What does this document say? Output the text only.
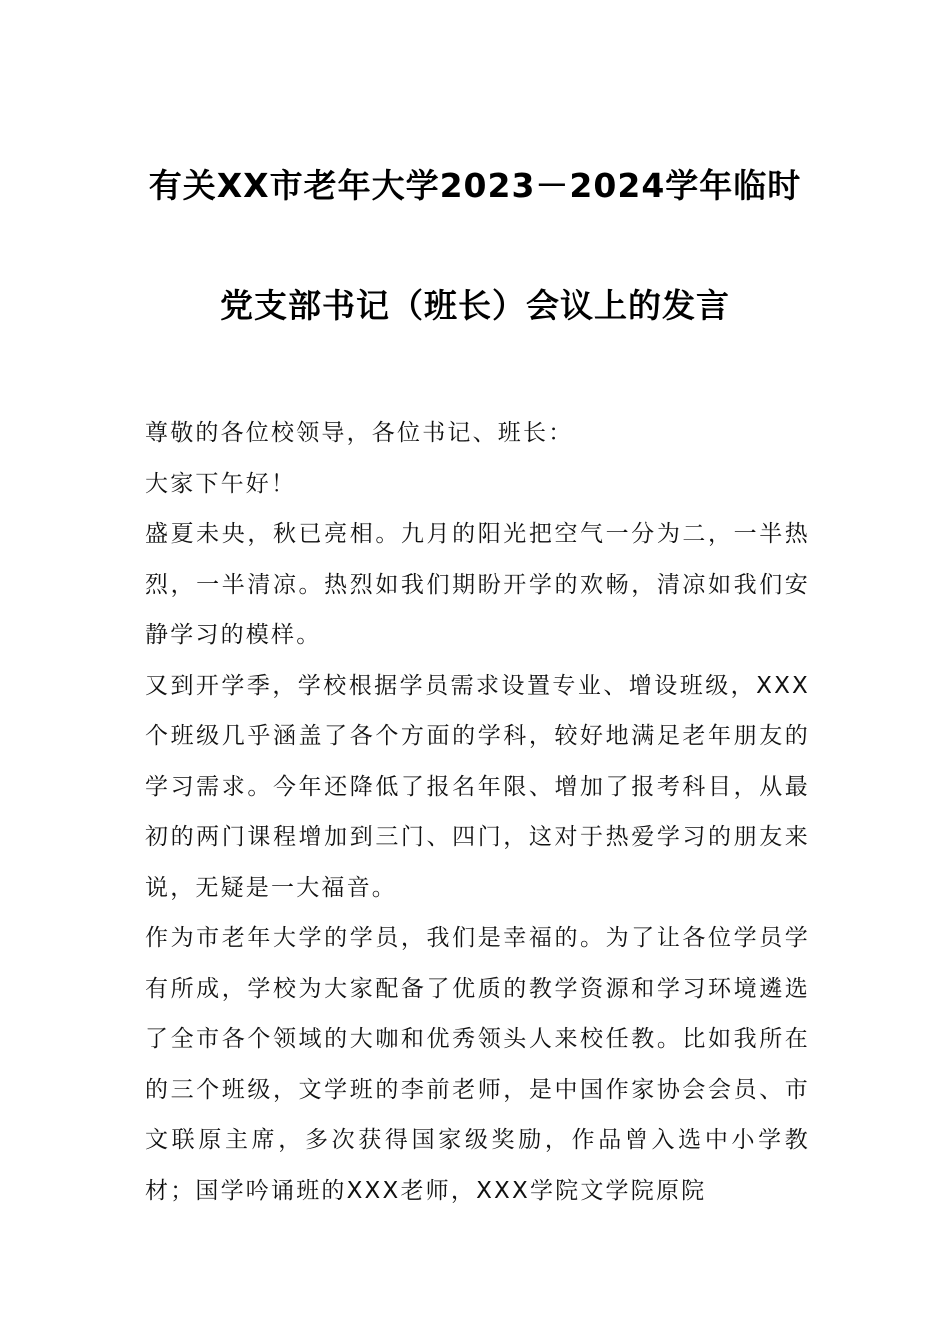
有关XX市老年大学2023－2024学年临时
党支部书记（班长）会议上的发言

尊敬的各位校领导，各位书记、班长：

大家下午好！

盛夏未央，秋已亮相。九月的阳光把空气一分为二，一半热烈，一半清凉。热烈如我们期盼开学的欢畅，清凉如我们安静学习的模样。

又到开学季，学校根据学员需求设置专业、增设班级，XXX个班级几乎涵盖了各个方面的学科，较好地满足老年朋友的学习需求。今年还降低了报名年限、增加了报考科目，从最初的两门课程增加到三门、四门，这对于热爱学习的朋友来说，无疑是一大福音。

作为市老年大学的学员，我们是幸福的。为了让各位学员学有所成，学校为大家配备了优质的教学资源和学习环境遴选了全市各个领域的大咖和优秀领头人来校任教。比如我所在的三个班级，文学班的李前老师，是中国作家协会会员、市文联原主席，多次获得国家级奖励，作品曾入选中小学教材；国学吟诵班的XXX老师，XXX学院文学院原院
